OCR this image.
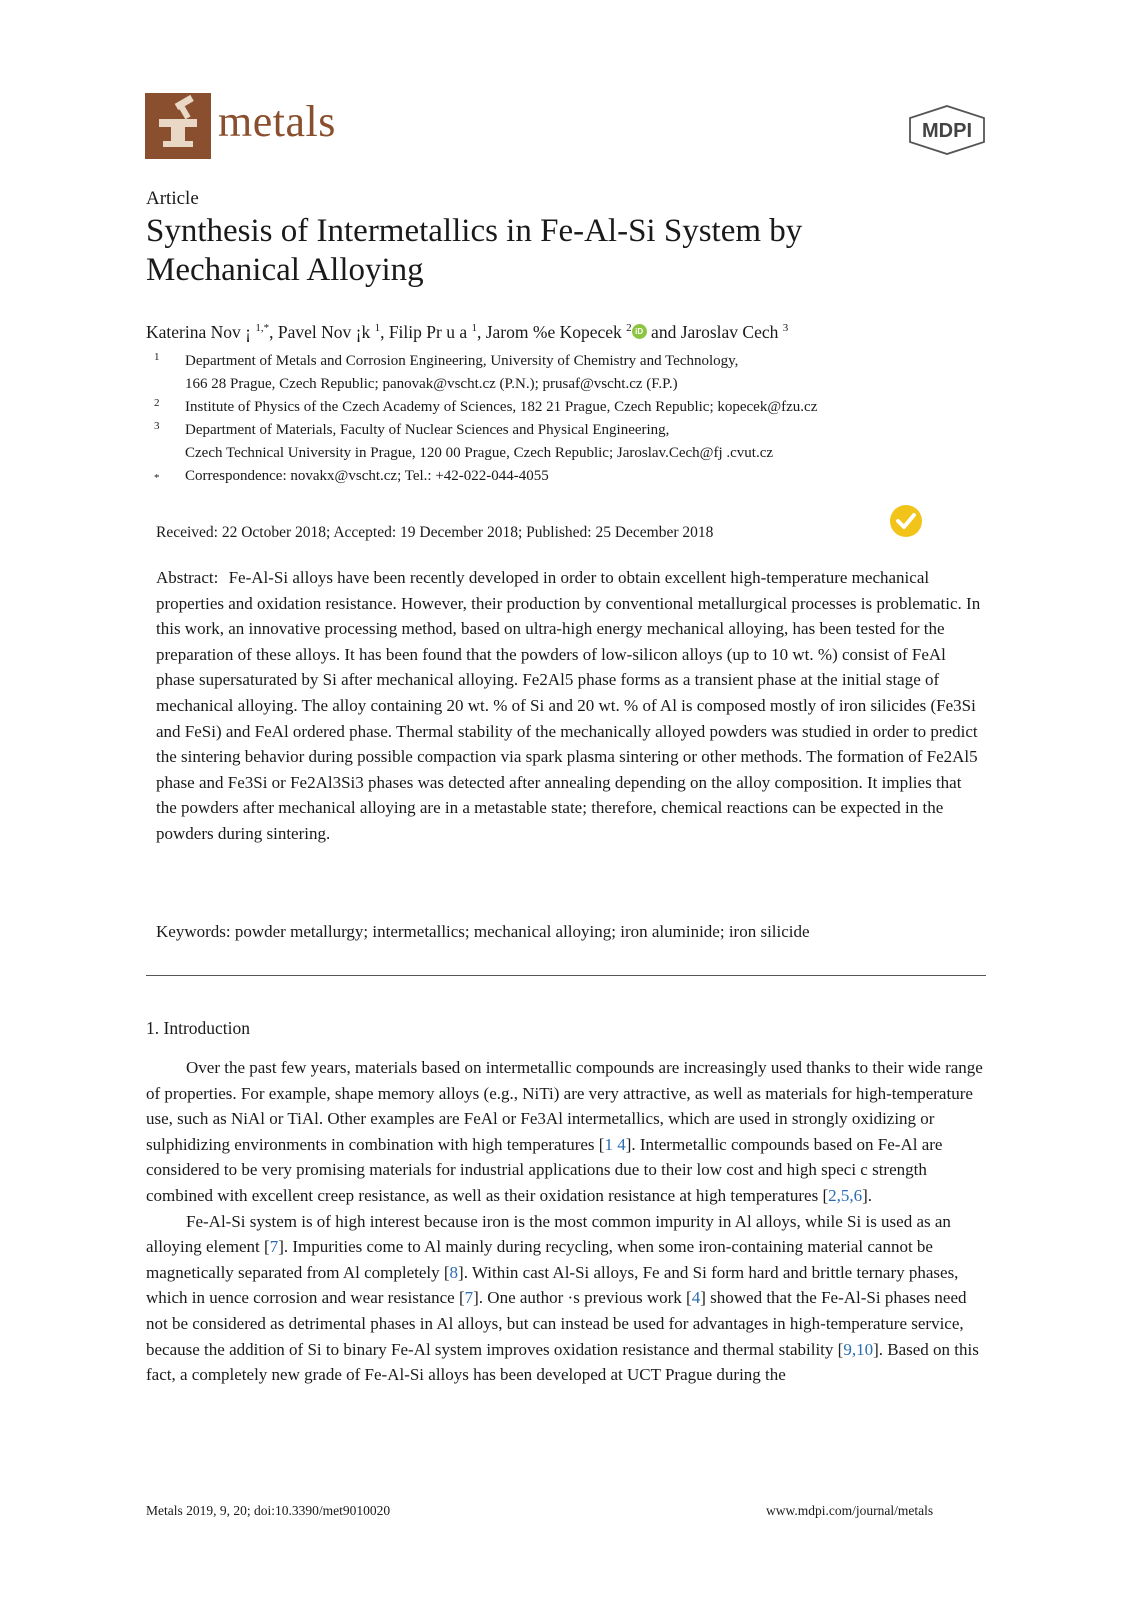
metals	MDPI
Article
Synthesis of Intermetallics in Fe-Al-Si System by Mechanical Alloying
Katerina Nov ¡ $^{1,*}$, Pavel Nov ¡k $^1$, Filip Pr u a $^1$, Jarom %e Kopecek $^2$ iD and Jaroslav Cech $^3$
1 Department of Metals and Corrosion Engineering, University of Chemistry and Technology,
166 28 Prague, Czech Republic; panovak@vscht.cz (P.N.); prusaf@vscht.cz (F.P.)
2 Institute of Physics of the Czech Academy of Sciences, 182 21 Prague, Czech Republic; kopecek@fzu.cz
3 Department of Materials, Faculty of Nuclear Sciences and Physical Engineering,
Czech Technical University in Prague, 120 00 Prague, Czech Republic; Jaroslav.Cech@fj .cvut.cz
* Correspondence: novakx@vscht.cz; Tel.: +42-022-044-4055
Received: 22 October 2018; Accepted: 19 December 2018; Published: 25 December 2018
Abstract: Fe-Al-Si alloys have been recently developed in order to obtain excellent high-temperature mechanical properties and oxidation resistance. However, their production by conventional metallurgical processes is problematic. In this work, an innovative processing method, based on ultra-high energy mechanical alloying, has been tested for the preparation of these alloys. It has been found that the powders of low-silicon alloys (up to 10 wt. %) consist of FeAl phase supersaturated by Si after mechanical alloying. Fe2Al5 phase forms as a transient phase at the initial stage of mechanical alloying. The alloy containing 20 wt. % of Si and 20 wt. % of Al is composed mostly of iron silicides (Fe3Si and FeSi) and FeAl ordered phase. Thermal stability of the mechanically alloyed powders was studied in order to predict the sintering behavior during possible compaction via spark plasma sintering or other methods. The formation of Fe2Al5 phase and Fe3Si or Fe2Al3Si3 phases was detected after annealing depending on the alloy composition. It implies that the powders after mechanical alloying are in a metastable state; therefore, chemical reactions can be expected in the powders during sintering.
Keywords: powder metallurgy; intermetallics; mechanical alloying; iron aluminide; iron silicide
1. Introduction

Over the past few years, materials based on intermetallic compounds are increasingly used thanks to their wide range of properties. For example, shape memory alloys (e.g., NiTi) are very attractive, as well as materials for high-temperature use, such as NiAl or TiAl. Other examples are FeAl or Fe3Al intermetallics, which are used in strongly oxidizing or sulphidizing environments in combination with high temperatures [1 4]. Intermetallic compounds based on Fe-Al are considered to be very promising materials for industrial applications due to their low cost and high speci c strength combined with excellent creep resistance, as well as their oxidation resistance at high temperatures [2,5,6].

Fe-Al-Si system is of high interest because iron is the most common impurity in Al alloys, while Si is used as an alloying element [7]. Impurities come to Al mainly during recycling, when some iron-containing material cannot be magnetically separated from Al completely [8]. Within cast Al-Si alloys, Fe and Si form hard and brittle ternary phases, which in uence corrosion and wear resistance [7]. One author ·s previous work [4] showed that the Fe-Al-Si phases need not be considered as detrimental phases in Al alloys, but can instead be used for advantages in high-temperature service, because the addition of Si to binary Fe-Al system improves oxidation resistance and thermal stability [9,10]. Based on this fact, a completely new grade of Fe-Al-Si alloys has been developed at UCT Prague during the

Metals 2019, 9, 20; doi:10.3390/met9010020	www.mdpi.com/journal/metals
